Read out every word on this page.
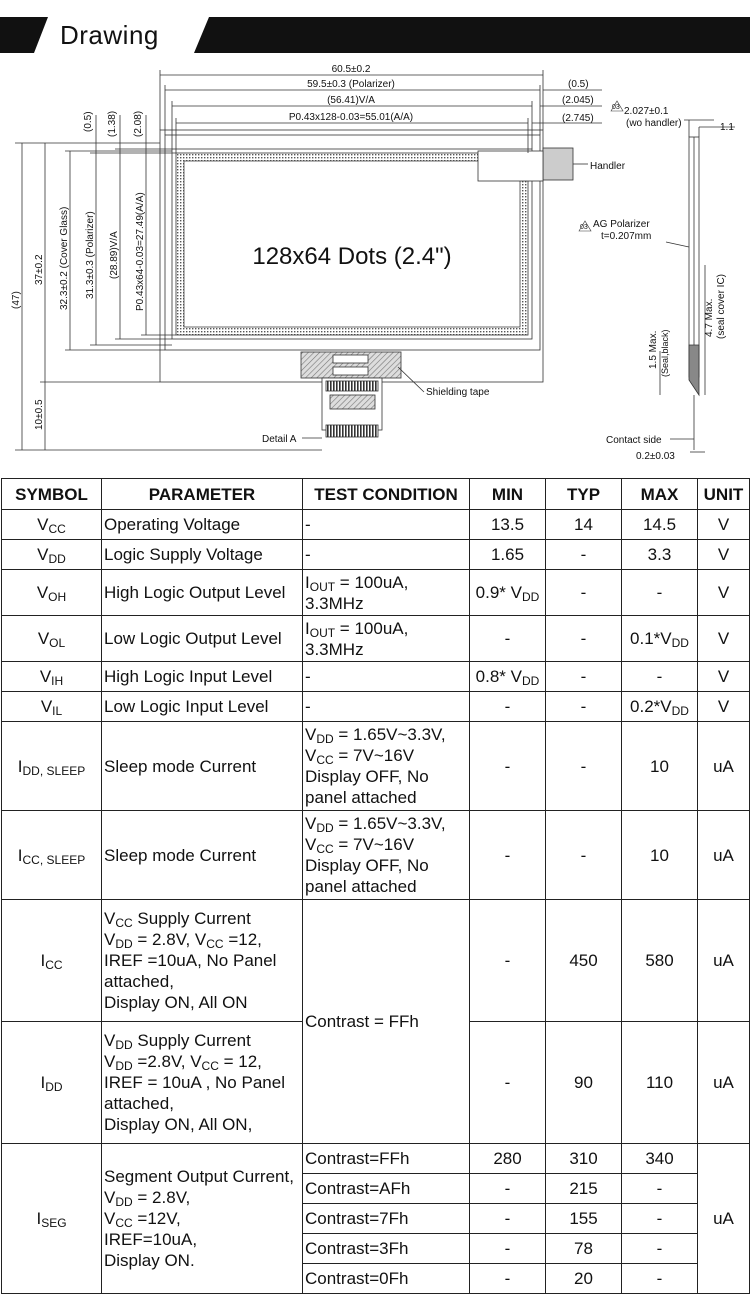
Drawing
60.5±0.2
59.5±0.3 (Polarizer)
(56.41)V/A
P0.43x128-0.03=55.01(A/A)
(0.5)
(2.045)
(2.745)
(0.5) (1.38) (2.08)
(47)
37±0.2 32.3±0.2 (Cover Glass) 31.3±0.3 (Polarizer) (28.89)V/A P0.43x64-0.03=27.49(A/A)
10±0.5
128x64 Dots (2.4")
Handler
Shielding tape
Detail A
03 2.027±0.1
(wo handler)	1.1
03 AG Polarizer
t=0.207mm
1.5 Max. (Seal,black)
4.7 Max. (seal cover IC)
Contact side
0.2±0.03
SYMBOL	PARAMETER	TEST CONDITION	MIN	TYP	MAX	UNIT
$V_{CC}$	Operating Voltage	-	13.5	14	14.5	V
$V_{DD}$	Logic Supply Voltage	-	1.65	-	3.3	V
$V_{OH}$	High Logic Output Level	$I_{OUT} = 100uA$, 3.3MHz	0.9* $V_{DD}$	-	-	V
$V_{OL}$	Low Logic Output Level	$I_{OUT} = 100uA$, 3.3MHz	-	-	$0.1*V_{DD}$	V
$V_{IH}$	High Logic Input Level	-	0.8* $V_{DD}$	-	-	V
$V_{IL}$	Low Logic Input Level	-	-	-	$0.2*V_{DD}$	V
$I_{DD, SLEEP}$	Sleep mode Current	$V_{DD}$ = 1.65V~3.3V,
$V_{CC}$ = 7V~16V
Display OFF, No panel attached	-	-	10	uA
$I_{CC, SLEEP}$	Sleep mode Current	$V_{DD}$ = 1.65V~3.3V,
$V_{CC}$ = 7V~16V
Display OFF, No panel attached	-	-	10	uA
$I_{CC}$	$V_{CC}$ Supply Current
$V_{DD} = 2.8V$, $V_{CC} =12$,
IREF =10uA, No Panel attached,
Display ON, All ON	Contrast = FFh	-	450	580	uA
$I_{DD}$	$V_{DD}$ Supply Current
$V_{DD} =2.8V$, $V_{CC} = 12$,
IREF = 10uA , No Panel attached,
Display ON, All ON,		-	90	110	uA
$I_{SEG}$	Segment Output Current,
$V_{DD} = 2.8V$,
$V_{CC} =12V$,
IREF=10uA,
Display ON.	Contrast=FFh	280	310	340	uA
		Contrast=AFh	-	215	-	
		Contrast=7Fh	-	155	-	
		Contrast=3Fh	-	78	-	
		Contrast=0Fh	-	20	-	
